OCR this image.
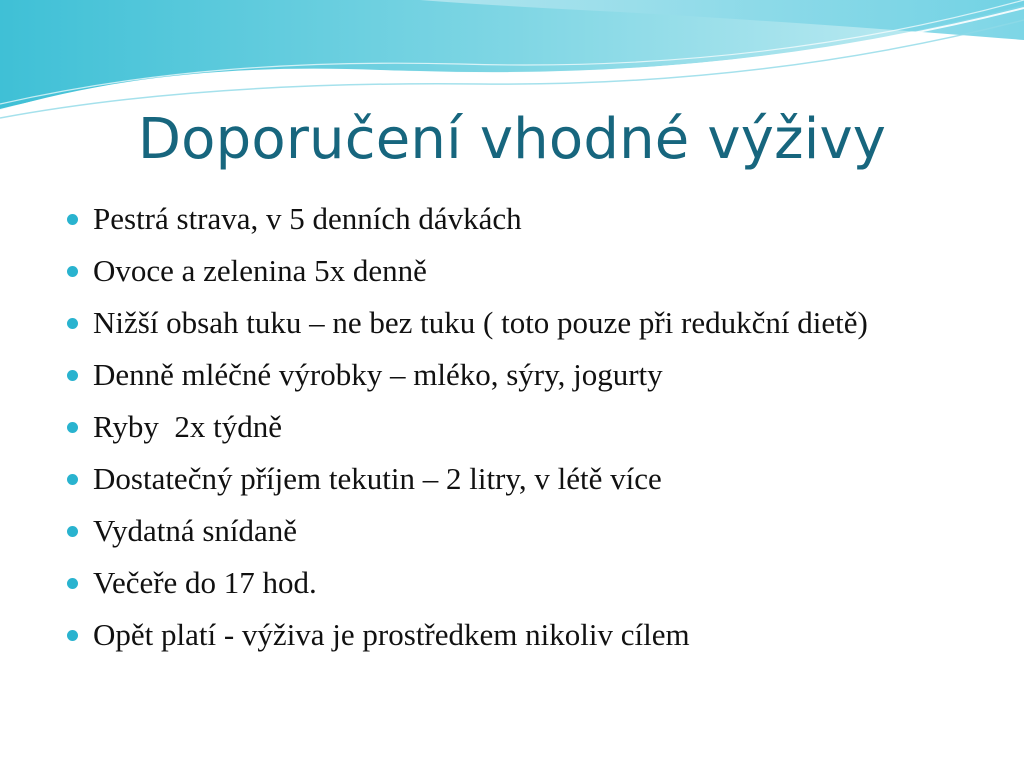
Doporučení vhodné výživy
Pestrá strava, v 5 denních dávkách
Ovoce a zelenina 5x denně
Nižší obsah tuku – ne bez tuku ( toto pouze při redukční dietě)
Denně mléčné výrobky – mléko, sýry, jogurty
Ryby  2x týdně
Dostatečný příjem tekutin – 2 litry, v létě více
Vydatná snídaně
Večeře do 17 hod.
Opět platí - výživa je prostředkem nikoliv cílem
